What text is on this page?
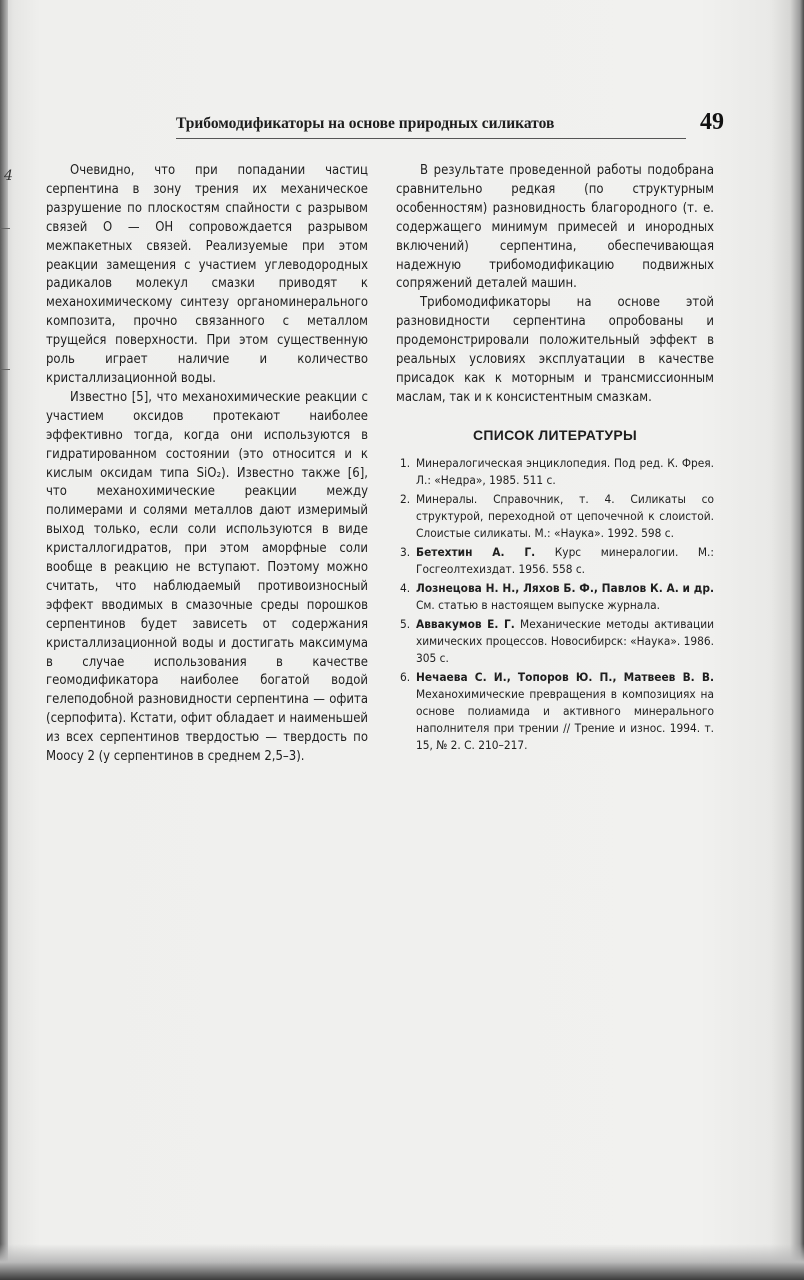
4
Трибомодификаторы на основе природных силикатов	49

Очевидно, что при попадании частиц серпентина в зону трения их механическое разрушение по плоскостям спайности с разрывом связей О — ОН сопровождается разрывом межпакетных связей. Реализуемые при этом реакции замещения с участием углеводородных радикалов молекул смазки приводят к механохимическому синтезу органоминерального композита, прочно связанного с металлом трущейся поверхности. При этом существенную роль играет наличие и количество кристаллизационной воды.

Известно [5], что механохимические реакции с участием оксидов протекают наиболее эффективно тогда, когда они используются в гидратированном состоянии (это относится и к кислым оксидам типа SiO₂). Известно также [6], что механохимические реакции между полимерами и солями металлов дают измеримый выход только, если соли используются в виде кристаллогидратов, при этом аморфные соли вообще в реакцию не вступают. Поэтому можно считать, что наблюдаемый противоизносный эффект вводимых в смазочные среды порошков серпентинов будет зависеть от содержания кристаллизационной воды и достигать максимума в случае использования в качестве геомодификатора наиболее богатой водой гелеподобной разновидности серпентина — офита (серпофита). Кстати, офит обладает и наименьшей из всех серпентинов твердостью — твердость по Моосу 2 (у серпентинов в среднем 2,5–3).

В результате проведенной работы подобрана сравнительно редкая (по структурным особенностям) разновидность благородного (т. е. содержащего минимум примесей и инородных включений) серпентина, обеспечивающая надежную трибомодификацию подвижных сопряжений деталей машин.

Трибомодификаторы на основе этой разновидности серпентина опробованы и продемонстрировали положительный эффект в реальных условиях эксплуатации в качестве присадок как к моторным и трансмиссионным маслам, так и к консистентным смазкам.

СПИСОК ЛИТЕРАТУРЫ
1. Минералогическая энциклопедия. Под ред. К. Фрея. Л.: «Недра», 1985. 511 с.
2. Минералы. Справочник, т. 4. Силикаты со структурой, переходной от цепочечной к слоистой. Слоистые силикаты. М.: «Наука». 1992. 598 с.
3. Бетехтин А. Г. Курс минералогии. М.: Госгеолтехиздат. 1956. 558 с.
4. Лознецова Н. Н., Ляхов Б. Ф., Павлов К. А. и др. См. статью в настоящем выпуске журнала.
5. Аввакумов Е. Г. Механические методы активации химических процессов. Новосибирск: «Наука». 1986. 305 с.
6. Нечаева С. И., Топоров Ю. П., Матвеев В. В. Механохимические превращения в композициях на основе полиамида и активного минерального наполнителя при трении // Трение и износ. 1994. т. 15, № 2. С. 210–217.
